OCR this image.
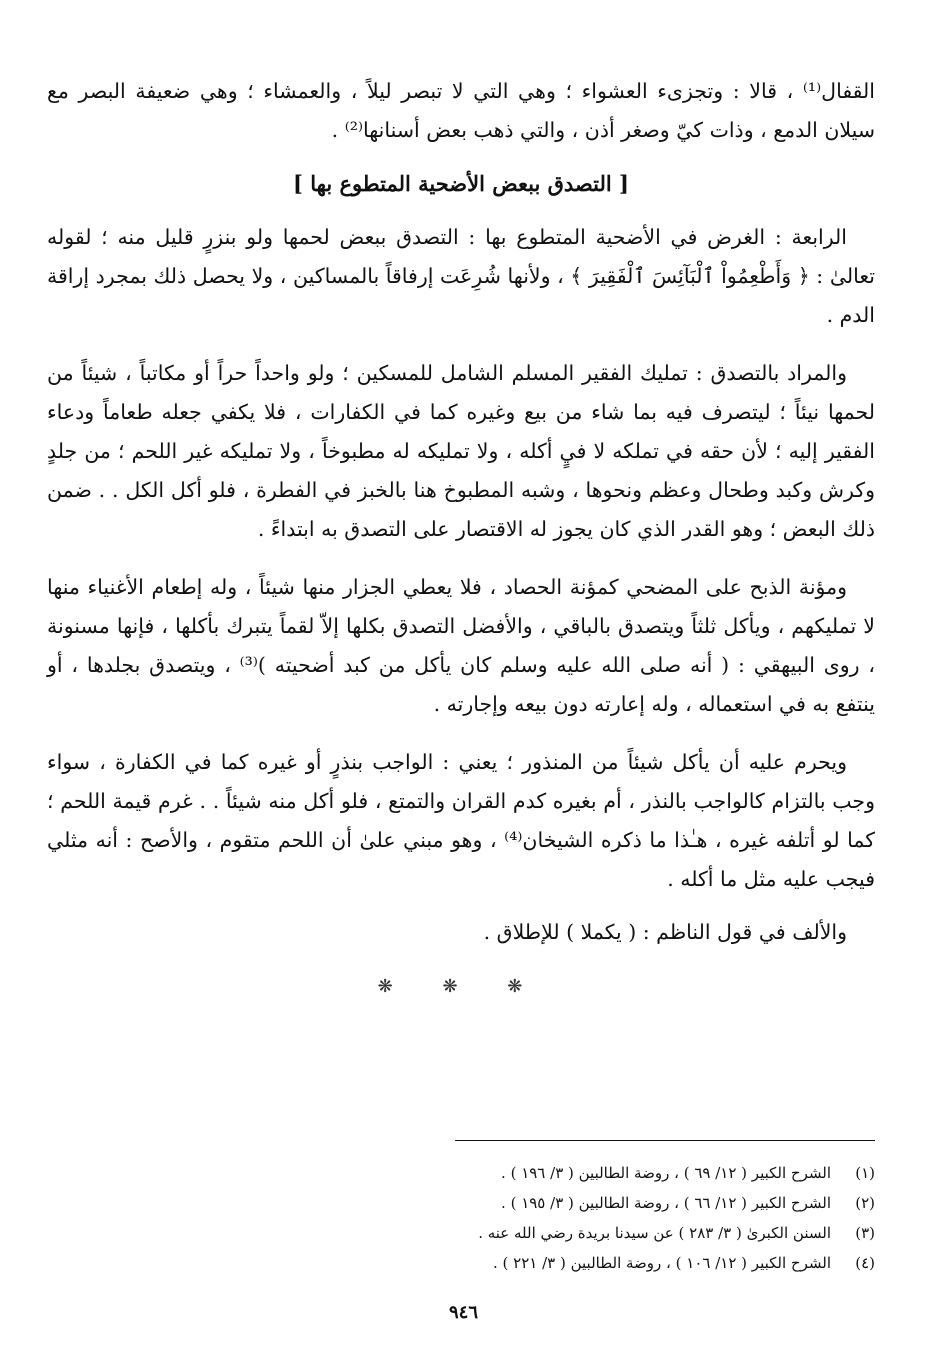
القفال⁽¹⁾ ، قالا : وتجزىء العشواء ؛ وهي التي لا تبصر ليلاً ، والعمشاء ؛ وهي ضعيفة البصر مع سيلان الدمع ، وذات كيّ وصغر أذن ، والتي ذهب بعض أسنانها⁽²⁾ .

[ التصدق ببعض الأضحية المتطوع بها ]

الرابعة : الغرض في الأضحية المتطوع بها : التصدق ببعض لحمها ولو بنزرٍ قليل منه ؛ لقوله تعالىٰ : ﴿ وَأَطْعِمُواْ ٱلْبَآئِسَ ٱلْفَقِيرَ ﴾ ، ولأنها شُرِعَت إرفاقاً بالمساكين ، ولا يحصل ذلك بمجرد إراقة الدم .

والمراد بالتصدق : تمليك الفقير المسلم الشامل للمسكين ؛ ولو واحداً حراً أو مكاتباً ، شيئاً من لحمها نيئاً ؛ ليتصرف فيه بما شاء من بيع وغيره كما في الكفارات ، فلا يكفي جعله طعاماً ودعاء الفقير إليه ؛ لأن حقه في تملكه لا فيٍ أكله ، ولا تمليكه له مطبوخاً ، ولا تمليكه غير اللحم ؛ من جلدٍ وكرش وكبد وطحال وعظم ونحوها ، وشبه المطبوخ هنا بالخبز في الفطرة ، فلو أكل الكل . . ضمن ذلك البعض ؛ وهو القدر الذي كان يجوز له الاقتصار على التصدق به ابتداءً .

ومؤنة الذبح على المضحي كمؤنة الحصاد ، فلا يعطي الجزار منها شيئاً ، وله إطعام الأغنياء منها لا تمليكهم ، ويأكل ثلثاً ويتصدق بالباقي ، والأفضل التصدق بكلها إلاّ لقماً يتبرك بأكلها ، فإنها مسنونة ، روى البيهقي : ( أنه صلى الله عليه وسلم كان يأكل من كبد أضحيته )⁽³⁾ ، ويتصدق بجلدها ، أو ينتفع به في استعماله ، وله إعارته دون بيعه وإجارته .

ويحرم عليه أن يأكل شيئاً من المنذور ؛ يعني : الواجب بنذرٍ أو غيره كما في الكفارة ، سواء وجب بالتزام كالواجب بالنذر ، أم بغيره كدم القران والتمتع ، فلو أكل منه شيئاً . . غرم قيمة اللحم ؛ كما لو أتلفه غيره ، هـٰذا ما ذكره الشيخان⁽⁴⁾ ، وهو مبني علىٰ أن اللحم متقوم ، والأصح : أنه مثلي فيجب عليه مثل ما أكله .

والألف في قول الناظم : ( يكملا ) للإطلاق .

❋ ❋ ❋
(١)
الشرح الكبير ( ١٢/ ٦٩ ) ، روضة الطالبين ( ٣/ ١٩٦ ) .
(٢)
الشرح الكبير ( ١٢/ ٦٦ ) ، روضة الطالبين ( ٣/ ١٩٥ ) .
(٣)
السنن الكبرىٰ ( ٣/ ٢٨٣ ) عن سيدنا بريدة رضي الله عنه .
(٤)
الشرح الكبير ( ١٢/ ١٠٦ ) ، روضة الطالبين ( ٣/ ٢٢١ ) .
٩٤٦
